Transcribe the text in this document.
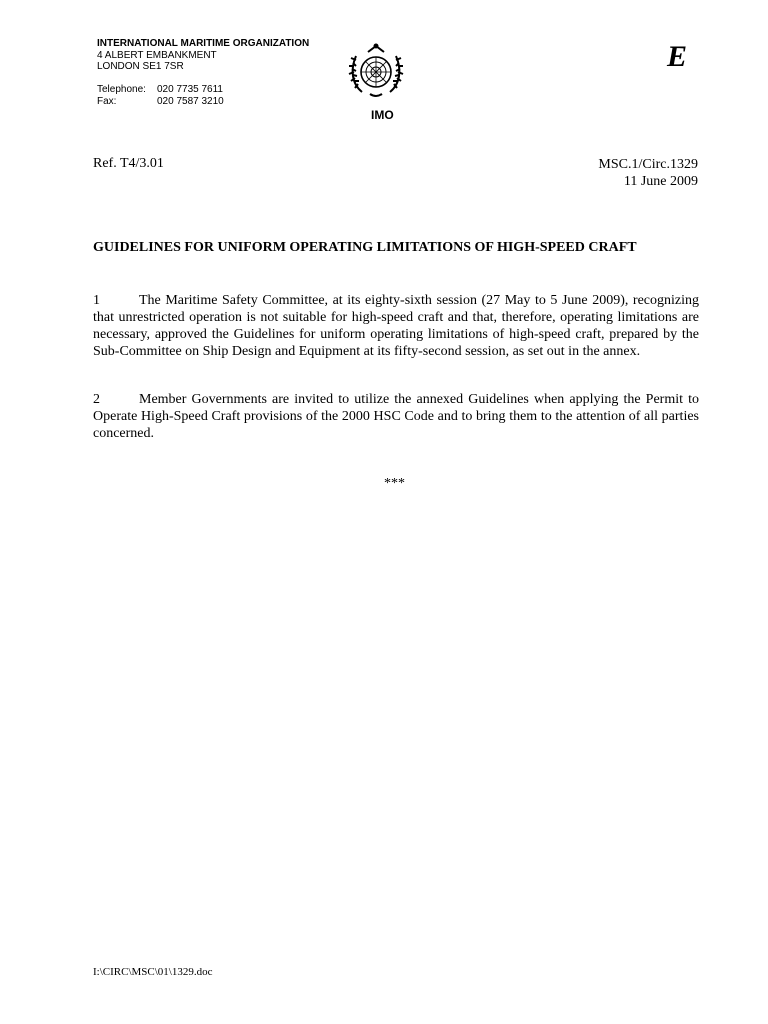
INTERNATIONAL MARITIME ORGANIZATION
4 ALBERT EMBANKMENT
LONDON SE1 7SR
Telephone:	020 7735 7611
Fax:	020 7587 3210
IMO
E
Ref. T4/3.01	MSC.1/Circ.1329
11 June 2009
GUIDELINES FOR UNIFORM OPERATING LIMITATIONS OF HIGH-SPEED CRAFT
1	The Maritime Safety Committee, at its eighty-sixth session (27 May to 5 June 2009), recognizing that unrestricted operation is not suitable for high-speed craft and that, therefore, operating limitations are necessary, approved the Guidelines for uniform operating limitations of high-speed craft, prepared by the Sub-Committee on Ship Design and Equipment at its fifty-second session, as set out in the annex.
2	Member Governments are invited to utilize the annexed Guidelines when applying the Permit to Operate High-Speed Craft provisions of the 2000 HSC Code and to bring them to the attention of all parties concerned.
***
I:\CIRC\MSC\01\1329.doc
